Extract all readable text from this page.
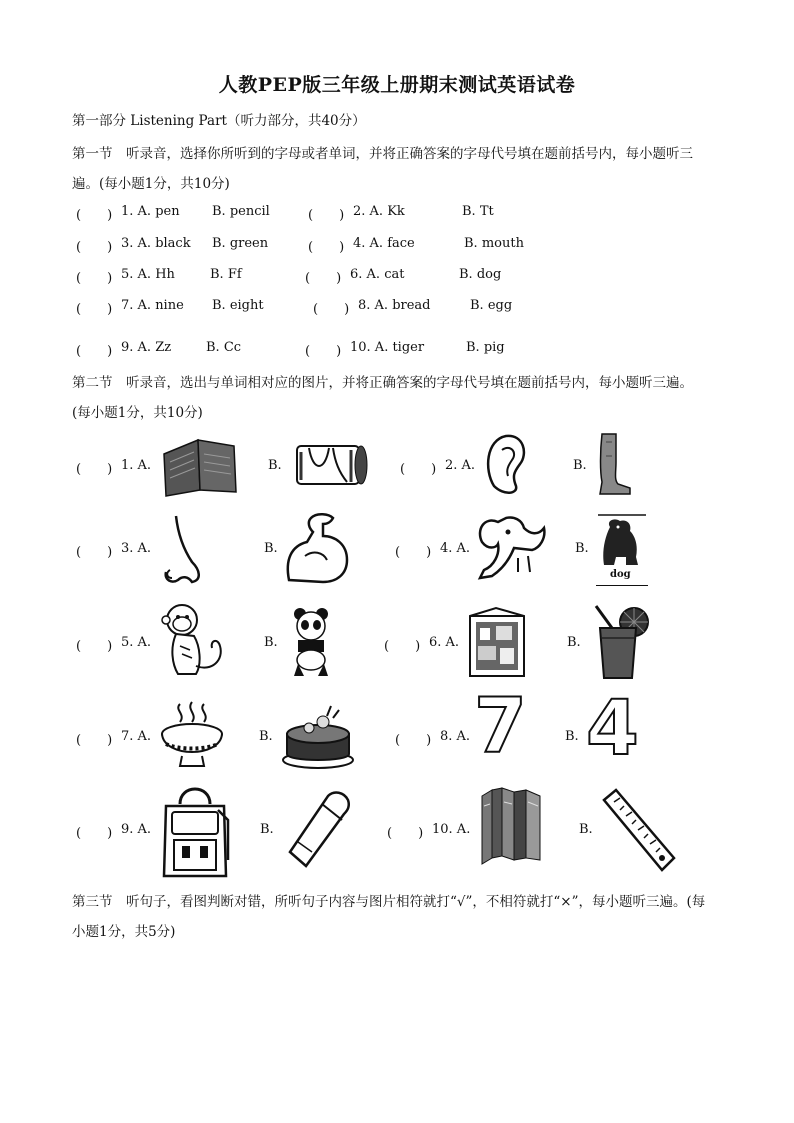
人教PEP版三年级上册期末测试英语试卷
第一部分 Listening Part（听力部分，共40分）
第一节　听录音，选择你所听到的字母或者单词，并将正确答案的字母代号填在题前括号内，每小题听三
遍。(每小题1分，共10分)
(　　) 1. A. pen B. pencil	(　　) 2. A. Kk	B. Tt
(　　) 3. A. black B. green	(　　) 4. A. face	B. mouth
(　　) 5. A. Hh	B. Ff	(　　) 6. A. cat	B. dog
(　　) 7. A. nine B. eight	(　　) 8. A. bread	B. egg
(　　) 9. A. Zz	B. Cc	(　　) 10. A. tiger	B. pig
第二节　听录音，选出与单词相对应的图片，并将正确答案的字母代号填在题前括号内，每小题听三遍。
(每小题1分，共10分)
(　　) 1. A.	B.	(　　) 2. A.	B.
(　　) 3. A.	B.	(　　) 4. A.	B.
dog
(　　) 5. A.	B.	(　　) 6. A.	B.
(　　) 7. A.	B.	(　　) 8. A. 7	B. 4
(　　) 9. A.	B.	(　　) 10. A.	B.
第三节　听句子，看图判断对错，所听句子内容与图片相符就打“√”，不相符就打“×”，每小题听三遍。(每
小题1分，共5分)
